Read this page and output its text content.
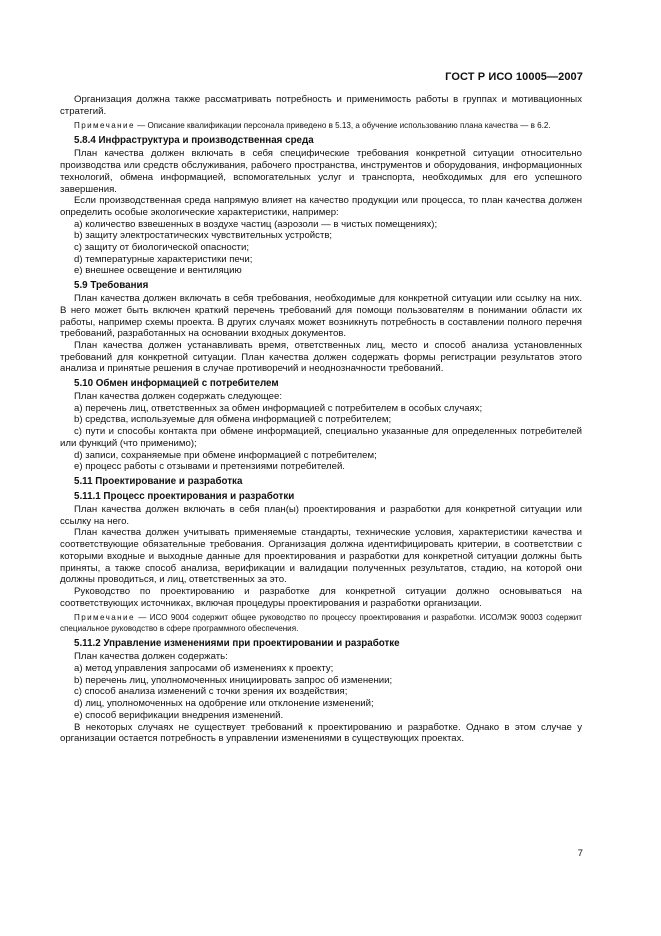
ГОСТ Р ИСО 10005—2007

Организация должна также рассматривать потребность и применимость работы в группах и мотивационных стратегий.

Примечание — Описание квалификации персонала приведено в 5.13, а обучение использованию плана качества — в 6.2.

5.8.4 Инфраструктура и производственная среда

План качества должен включать в себя специфические требования конкретной ситуации относительно производства или средств обслуживания, рабочего пространства, инструментов и оборудования, информационных технологий, обмена информацией, вспомогательных услуг и транспорта, необходимых для его успешного завершения.

Если производственная среда напрямую влияет на качество продукции или процесса, то план качества должен определить особые экологические характеристики, например:

а) количество взвешенных в воздухе частиц (аэрозоли — в чистых помещениях);

b) защиту электростатических чувствительных устройств;

c) защиту от биологической опасности;

d) температурные характеристики печи;

e) внешнее освещение и вентиляцию

5.9 Требования

План качества должен включать в себя требования, необходимые для конкретной ситуации или ссылку на них. В него может быть включен краткий перечень требований для помощи пользователям в понимании области их работы, например схемы проекта. В других случаях может возникнуть потребность в составлении полного перечня требований, разработанных на основании входных документов.

План качества должен устанавливать время, ответственных лиц, место и способ анализа установленных требований для конкретной ситуации. План качества должен содержать формы регистрации результатов этого анализа и принятые решения в случае противоречий и неоднозначности требований.

5.10 Обмен информацией с потребителем

План качества должен содержать следующее:

а) перечень лиц, ответственных за обмен информацией с потребителем в особых случаях;

b) средства, используемые для обмена информацией с потребителем;

c) пути и способы контакта при обмене информацией, специально указанные для определенных потребителей или функций (что применимо);

d) записи, сохраняемые при обмене информацией с потребителем;

e) процесс работы с отзывами и претензиями потребителей.

5.11 Проектирование и разработка
5.11.1 Процесс проектирования и разработки

План качества должен включать в себя план(ы) проектирования и разработки для конкретной ситуации или ссылку на него.

План качества должен учитывать применяемые стандарты, технические условия, характеристики качества и соответствующие обязательные требования. Организация должна идентифицировать критерии, в соответствии с которыми входные и выходные данные для проектирования и разработки для конкретной ситуации должны быть приняты, а также способ анализа, верификации и валидации полученных результатов, стадию, на которой они должны проводиться, и лиц, ответственных за это.

Руководство по проектированию и разработке для конкретной ситуации должно основываться на соответствующих источниках, включая процедуры проектирования и разработки организации.

Примечание — ИСО 9004 содержит общее руководство по процессу проектирования и разработки. ИСО/МЭК 90003 содержит специальное руководство в сфере программного обеспечения.

5.11.2 Управление изменениями при проектировании и разработке

План качества должен содержать:

а) метод управления запросами об изменениях к проекту;

b) перечень лиц, уполномоченных инициировать запрос об изменении;

c) способ анализа изменений с точки зрения их воздействия;

d) лиц, уполномоченных на одобрение или отклонение изменений;

e) способ верификации внедрения изменений.

В некоторых случаях не существует требований к проектированию и разработке. Однако в этом случае у организации остается потребность в управлении изменениями в существующих проектах.

7
